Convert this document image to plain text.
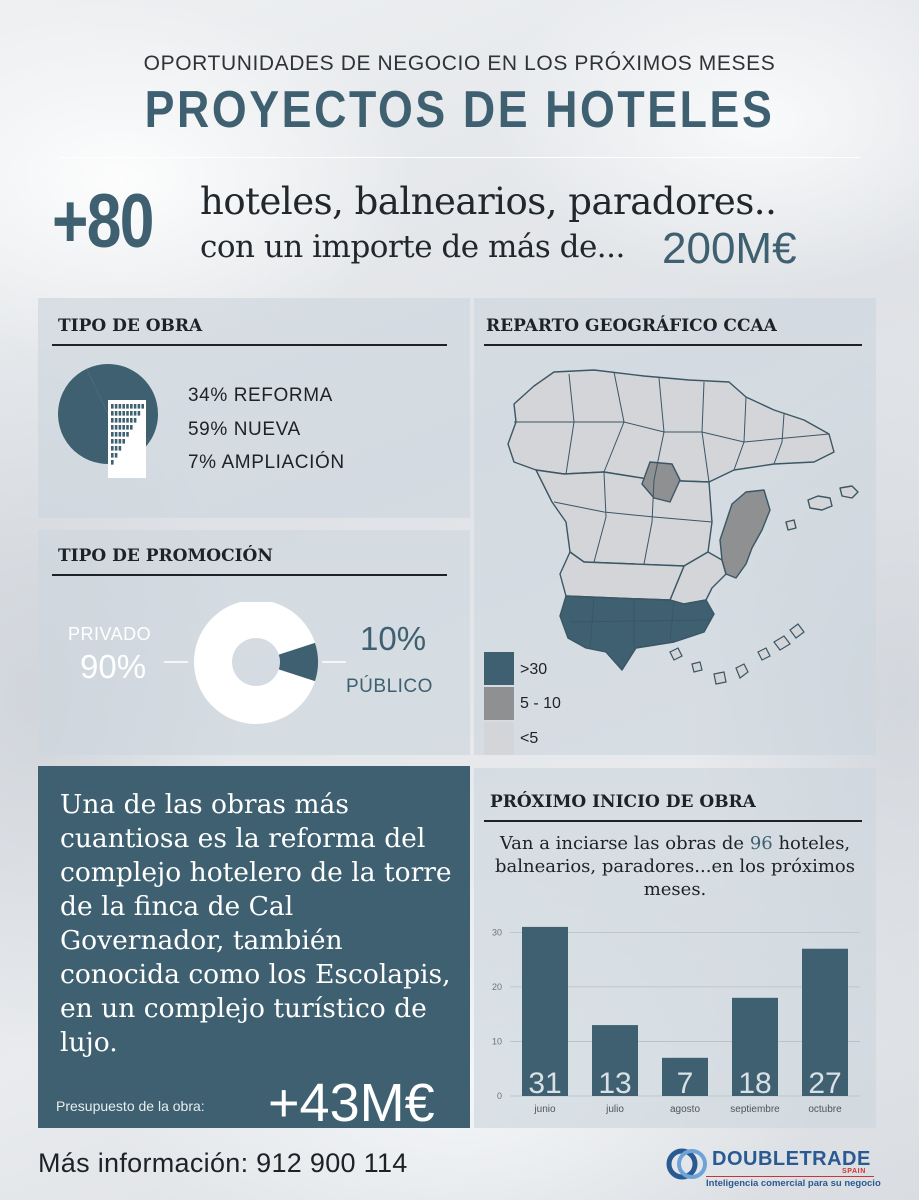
OPORTUNIDADES DE NEGOCIO EN LOS PRÓXIMOS MESES
PROYECTOS DE HOTELES
+80 hoteles, balnearios, paradores..
con un importe de más de... 200M€
TIPO DE OBRA
34% REFORMA
59% NUEVA
7% AMPLIACIÓN
TIPO DE PROMOCIÓN
PRIVADO
90%
10%
PÚBLICO
REPARTO GEOGRÁFICO CCAA
>30
5 - 10
<5
Una de las obras más cuantiosa es la reforma del complejo hotelero de la torre de la finca de Cal Governador, también conocida como los Escolapis, en un complejo turístico de lujo.
Presupuesto de la obra: +43M€
PRÓXIMO INICIO DE OBRA
Van a inciarse las obras de 96 hoteles, balnearios, paradores...en los próximos meses.
0
10
20
30
31
junio
13
julio
7
agosto
18
septiembre
27
octubre
Más información: 912 900 114	DOUBLETRADE
SPAIN
Inteligencia comercial para su negocio
